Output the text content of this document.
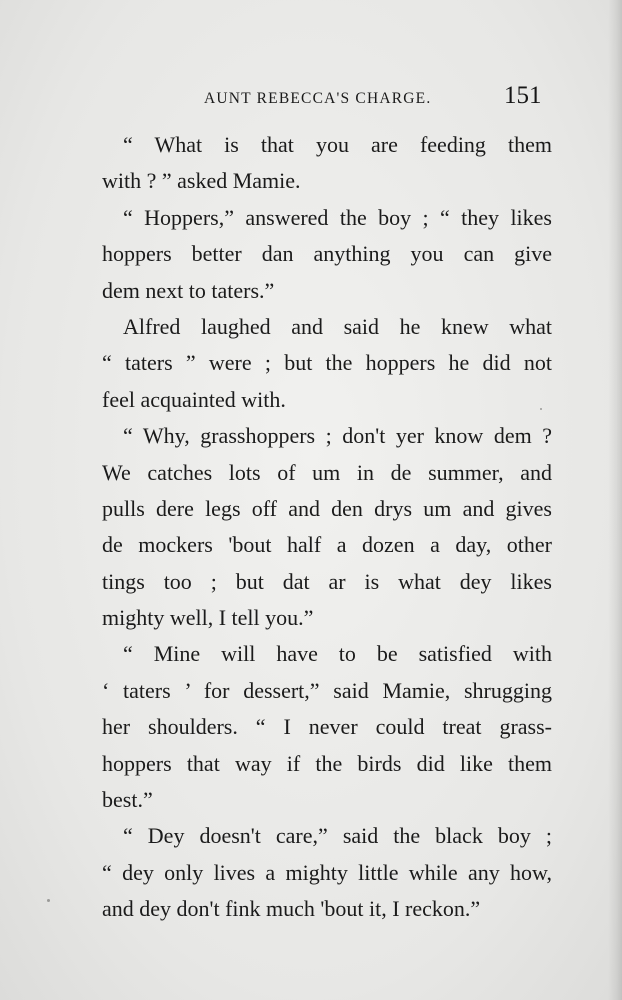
AUNT REBECCA'S CHARGE.	151
“ What is that you are feeding them
with ? ” asked Mamie.
“ Hoppers,” answered the boy ; “ they likes
hoppers better dan anything you can give
dem next to taters.”
Alfred laughed and said he knew what
“ taters ” were ; but the hoppers he did not
feel acquainted with.
“ Why, grasshoppers ; don't yer know dem ?
We catches lots of um in de summer, and
pulls dere legs off and den drys um and gives
de mockers 'bout half a dozen a day, other
tings too ; but dat ar is what dey likes
mighty well, I tell you.”
“ Mine will have to be satisfied with
‘ taters ’ for dessert,” said Mamie, shrugging
her shoulders. “ I never could treat grass-
hoppers that way if the birds did like them
best.”
“ Dey doesn't care,” said the black boy ;
“ dey only lives a mighty little while any how,
and dey don't fink much 'bout it, I reckon.”
